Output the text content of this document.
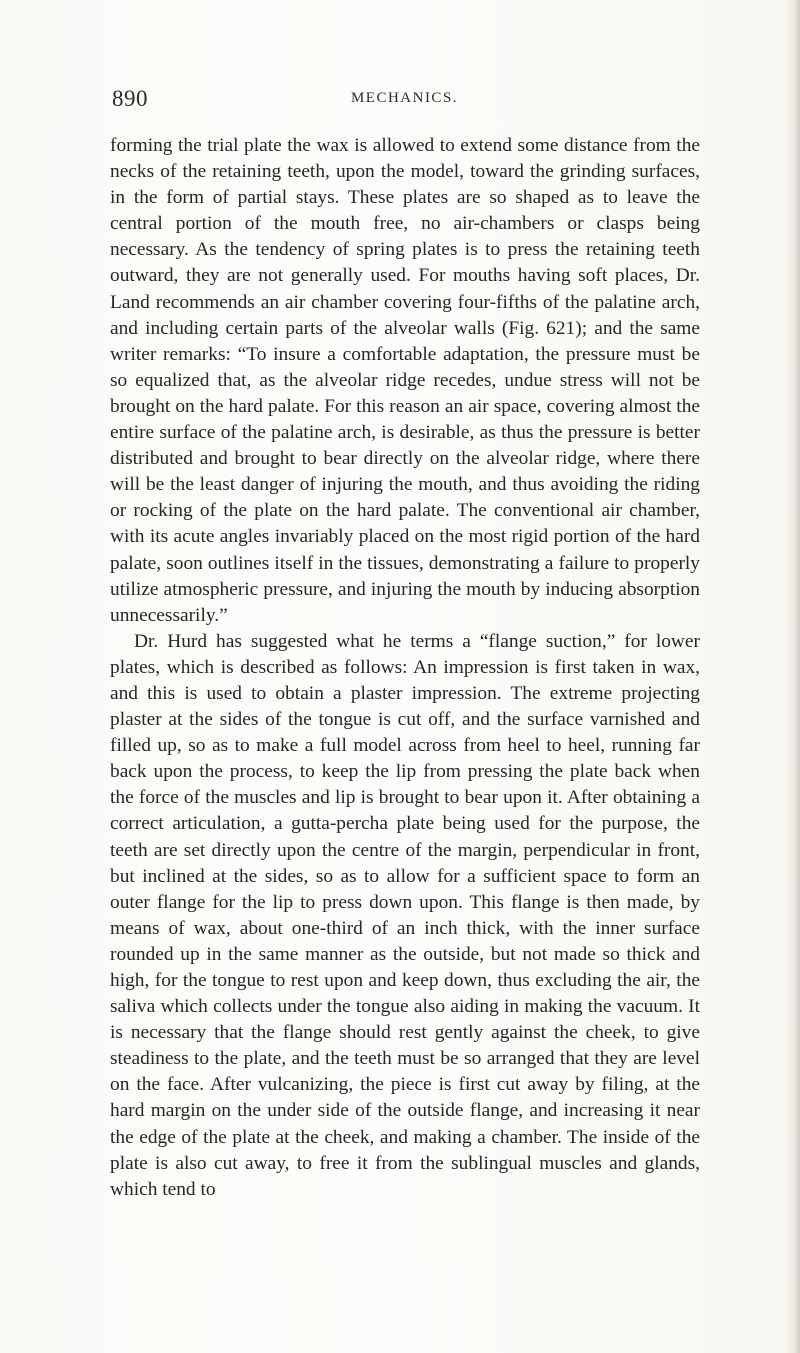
890	MECHANICS.

forming the trial plate the wax is allowed to extend some distance from the necks of the retaining teeth, upon the model, toward the grinding surfaces, in the form of partial stays. These plates are so shaped as to leave the central portion of the mouth free, no air-chambers or clasps being necessary. As the tendency of spring plates is to press the retaining teeth outward, they are not generally used. For mouths having soft places, Dr. Land recommends an air chamber covering four-fifths of the palatine arch, and including certain parts of the alveolar walls (Fig. 621); and the same writer remarks: “To insure a comfortable adaptation, the pressure must be so equalized that, as the alveolar ridge recedes, undue stress will not be brought on the hard palate. For this reason an air space, covering almost the entire surface of the palatine arch, is desirable, as thus the pressure is better distributed and brought to bear directly on the alveolar ridge, where there will be the least danger of injuring the mouth, and thus avoiding the riding or rocking of the plate on the hard palate. The conventional air chamber, with its acute angles invariably placed on the most rigid portion of the hard palate, soon outlines itself in the tissues, demonstrating a failure to properly utilize atmospheric pressure, and injuring the mouth by inducing absorption unnecessarily.”

Dr. Hurd has suggested what he terms a “flange suction,” for lower plates, which is described as follows: An impression is first taken in wax, and this is used to obtain a plaster impression. The extreme projecting plaster at the sides of the tongue is cut off, and the surface varnished and filled up, so as to make a full model across from heel to heel, running far back upon the process, to keep the lip from pressing the plate back when the force of the muscles and lip is brought to bear upon it. After obtaining a correct articulation, a gutta-percha plate being used for the purpose, the teeth are set directly upon the centre of the margin, perpendicular in front, but inclined at the sides, so as to allow for a sufficient space to form an outer flange for the lip to press down upon. This flange is then made, by means of wax, about one-third of an inch thick, with the inner surface rounded up in the same manner as the outside, but not made so thick and high, for the tongue to rest upon and keep down, thus excluding the air, the saliva which collects under the tongue also aiding in making the vacuum. It is necessary that the flange should rest gently against the cheek, to give steadiness to the plate, and the teeth must be so arranged that they are level on the face. After vulcanizing, the piece is first cut away by filing, at the hard margin on the under side of the outside flange, and increasing it near the edge of the plate at the cheek, and making a chamber. The inside of the plate is also cut away, to free it from the sublingual muscles and glands, which tend to
